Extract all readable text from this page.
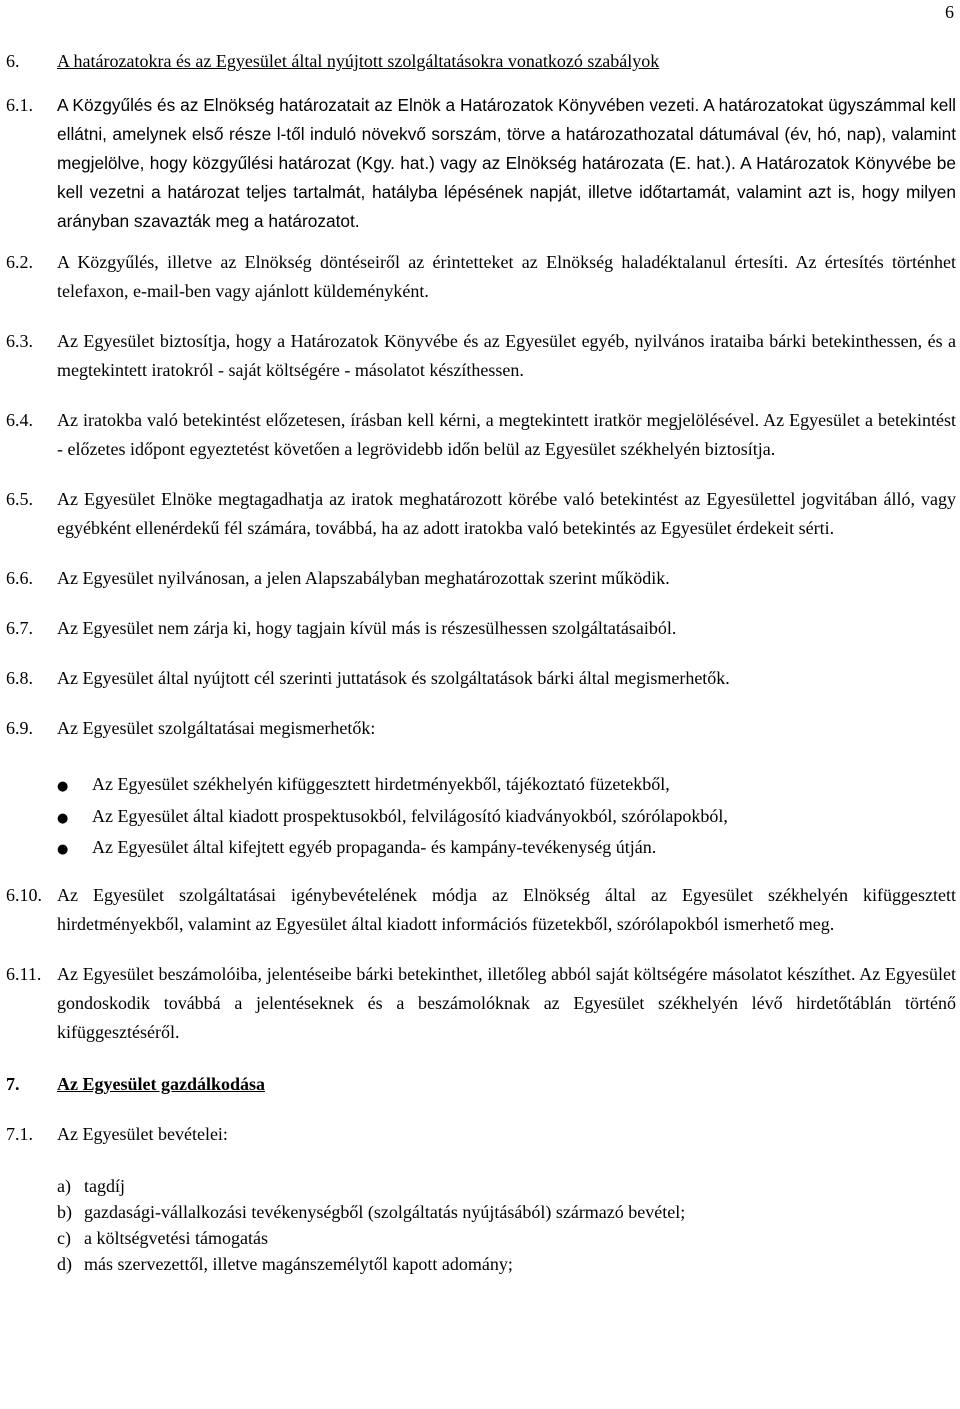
6
6.	A határozatokra és az Egyesület által nyújtott szolgáltatásokra vonatkozó szabályok
6.1.	A Közgyűlés és az Elnökség határozatait az Elnök a Határozatok Könyvében vezeti. A határozatokat ügyszámmal kell ellátni, amelynek első része l-től induló növekvő sorszám, törve a határozathozatal dátumával (év, hó, nap), valamint megjelölve, hogy közgyűlési határozat (Kgy. hat.) vagy az Elnökség határozata (E. hat.). A Határozatok Könyvébe be kell vezetni a határozat teljes tartalmát, hatályba lépésének napját, illetve időtartamát, valamint azt is, hogy milyen arányban szavazták meg a határozatot.
6.2.	A Közgyűlés, illetve az Elnökség döntéseiről az érintetteket az Elnökség haladéktalanul értesíti. Az értesítés történhet telefaxon, e-mail-ben vagy ajánlott küldeményként.
6.3.	Az Egyesület biztosítja, hogy a Határozatok Könyvébe és az Egyesület egyéb, nyilvános irataiba bárki betekinthessen, és a megtekintett iratokról - saját költségére - másolatot készíthessen.
6.4.	Az iratokba való betekintést előzetesen, írásban kell kérni, a megtekintett iratkör megjelölésével. Az Egyesület a betekintést - előzetes időpont egyeztetést követően a legrövidebb időn belül az Egyesület székhelyén biztosítja.
6.5.	Az Egyesület Elnöke megtagadhatja az iratok meghatározott körébe való betekintést az Egyesülettel jogvitában álló, vagy egyébként ellenérdekű fél számára, továbbá, ha az adott iratokba való betekintés az Egyesület érdekeit sérti.
6.6.	Az Egyesület nyilvánosan, a jelen Alapszabályban meghatározottak szerint működik.
6.7.	Az Egyesület nem zárja ki, hogy tagjain kívül más is részesülhessen szolgáltatásaiból.
6.8.	Az Egyesület által nyújtott cél szerinti juttatások és szolgáltatások bárki által megismerhetők.
6.9.	Az Egyesület szolgáltatásai megismerhetők:
●
Az Egyesület székhelyén kifüggesztett hirdetményekből, tájékoztató füzetekből,
●
Az Egyesület által kiadott prospektusokból, felvilágosító kiadványokból, szórólapokból,
●
Az Egyesület által kifejtett egyéb propaganda- és kampány-tevékenység útján.
6.10. Az Egyesület szolgáltatásai igénybevételének módja az Elnökség által az Egyesület székhelyén kifüggesztett hirdetményekből, valamint az Egyesület által kiadott információs füzetekből, szórólapokból ismerhető meg.
6.11. Az Egyesület beszámolóiba, jelentéseibe bárki betekinthet, illetőleg abból saját költségére másolatot készíthet. Az Egyesület gondoskodik továbbá a jelentéseknek és a beszámolóknak az Egyesület székhelyén lévő hirdetőtáblán történő kifüggesztéséről.
7.	Az Egyesület gazdálkodása
7.1.	Az Egyesület bevételei:
a) tagdíj
b) gazdasági-vállalkozási tevékenységből (szolgáltatás nyújtásából) származó bevétel;
c) a költségvetési támogatás
d) más szervezettől, illetve magánszemélytől kapott adomány;
